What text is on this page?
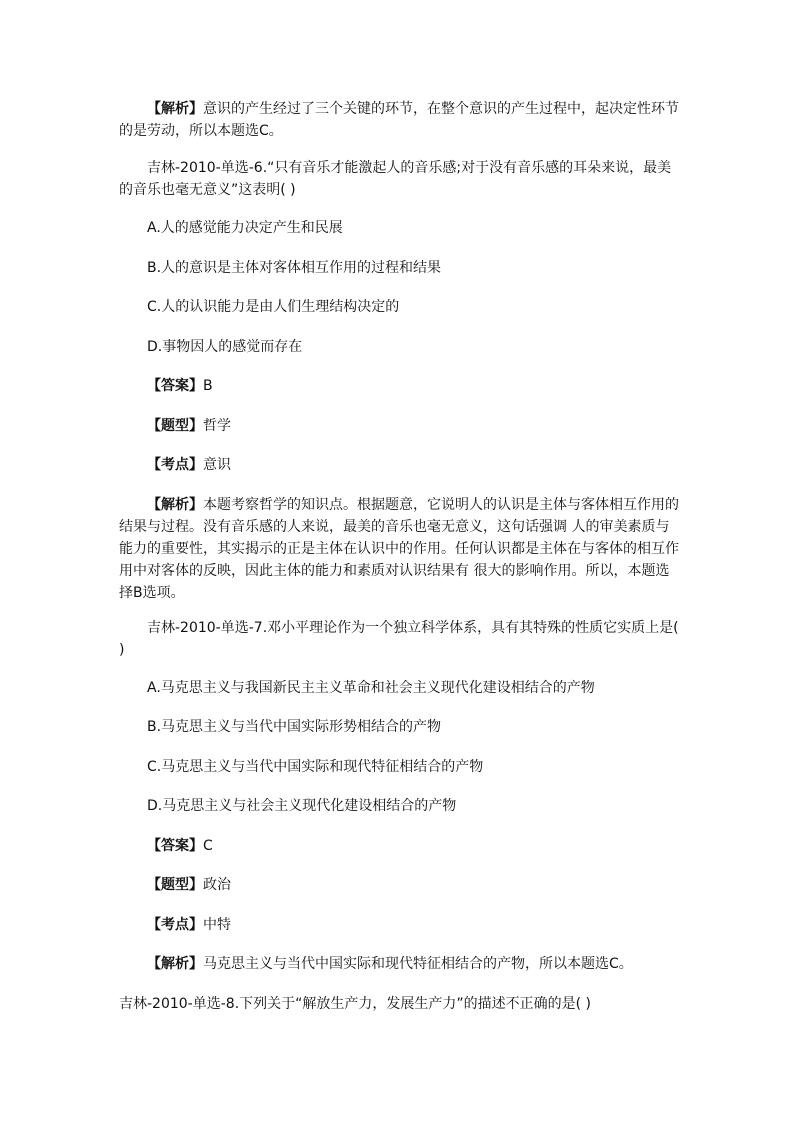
【解析】意识的产生经过了三个关键的环节，在整个意识的产生过程中，起决定性环节的是劳动，所以本题选C。

吉林-2010-单选-6.“只有音乐才能激起人的音乐感;对于没有音乐感的耳朵来说，最美的音乐也毫无意义”这表明( )

A.人的感觉能力决定产生和民展

B.人的意识是主体对客体相互作用的过程和结果

C.人的认识能力是由人们生理结构决定的

D.事物因人的感觉而存在

【答案】B

【题型】哲学

【考点】意识

【解析】本题考察哲学的知识点。根据题意，它说明人的认识是主体与客体相互作用的结果与过程。没有音乐感的人来说，最美的音乐也毫无意义，这句话强调 人的审美素质与能力的重要性，其实揭示的正是主体在认识中的作用。任何认识都是主体在与客体的相互作用中对客体的反映，因此主体的能力和素质对认识结果有 很大的影响作用。所以，本题选择B选项。

吉林-2010-单选-7.邓小平理论作为一个独立科学体系，具有其特殊的性质它实质上是( )

A.马克思主义与我国新民主主义革命和社会主义现代化建设相结合的产物

B.马克思主义与当代中国实际形势相结合的产物

C.马克思主义与当代中国实际和现代特征相结合的产物

D.马克思主义与社会主义现代化建设相结合的产物

【答案】C

【题型】政治

【考点】中特

【解析】马克思主义与当代中国实际和现代特征相结合的产物，所以本题选C。

吉林-2010-单选-8.下列关于“解放生产力，发展生产力”的描述不正确的是( )
